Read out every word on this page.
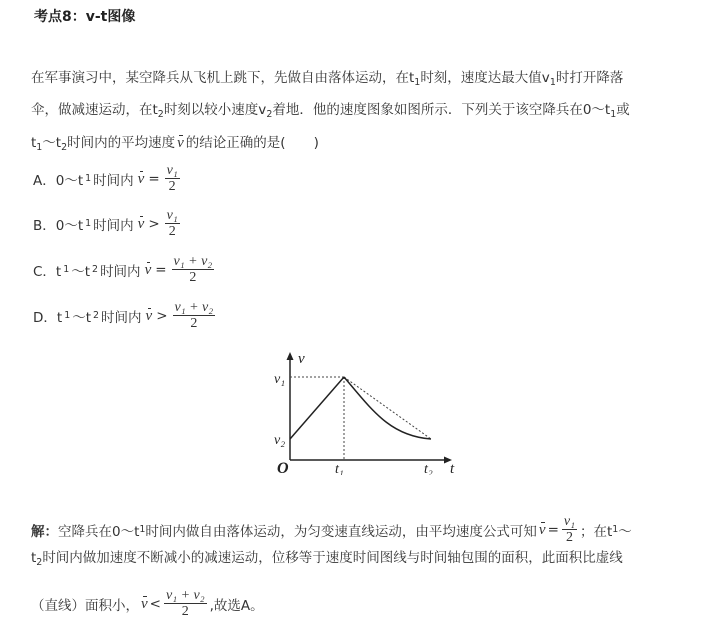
考点8：v-t图像
在军事演习中，某空降兵从飞机上跳下，先做自由落体运动，在$t_1$时刻，速度达最大值$v_1$时打开降落
伞，做减速运动，在$t_2$时刻以较小速度$v_2$着地．他的速度图象如图所示．下列关于该空降兵在$0\sim t_1$或
$t_1\sim t_2$时间内的平均速度 v 的结论正确的是( )
A．0～t 1 时间内 $v = \frac{\text{v₁}}{2}$
B．0～t 1 时间内 $v > \frac{\text{v₁}}{2}$
C．t 1 ～t 2 时间内 $v = \frac{\text{v₁ + v₂}}{2}$
D．t 1 ～t 2 时间内 $v > \frac{\text{v₁ + v₂}}{2}$
v
v₁
v₂
O	t₁	t₂ t
解： 空降兵在0～t 1 时间内做自由落体运动，为匀变速直线运动，由平均速度公式可知 $v = \frac{\text{v₁}}{2}$ ；在t 1 ～
$t_2$时间内做加速度不断减小的减速运动，位移等于速度时间图线与时间轴包围的面积，此面积比虚线
（直线）面积小， $v < \frac{\text{v₁ + v₂}}{2}$ ,故选A。
